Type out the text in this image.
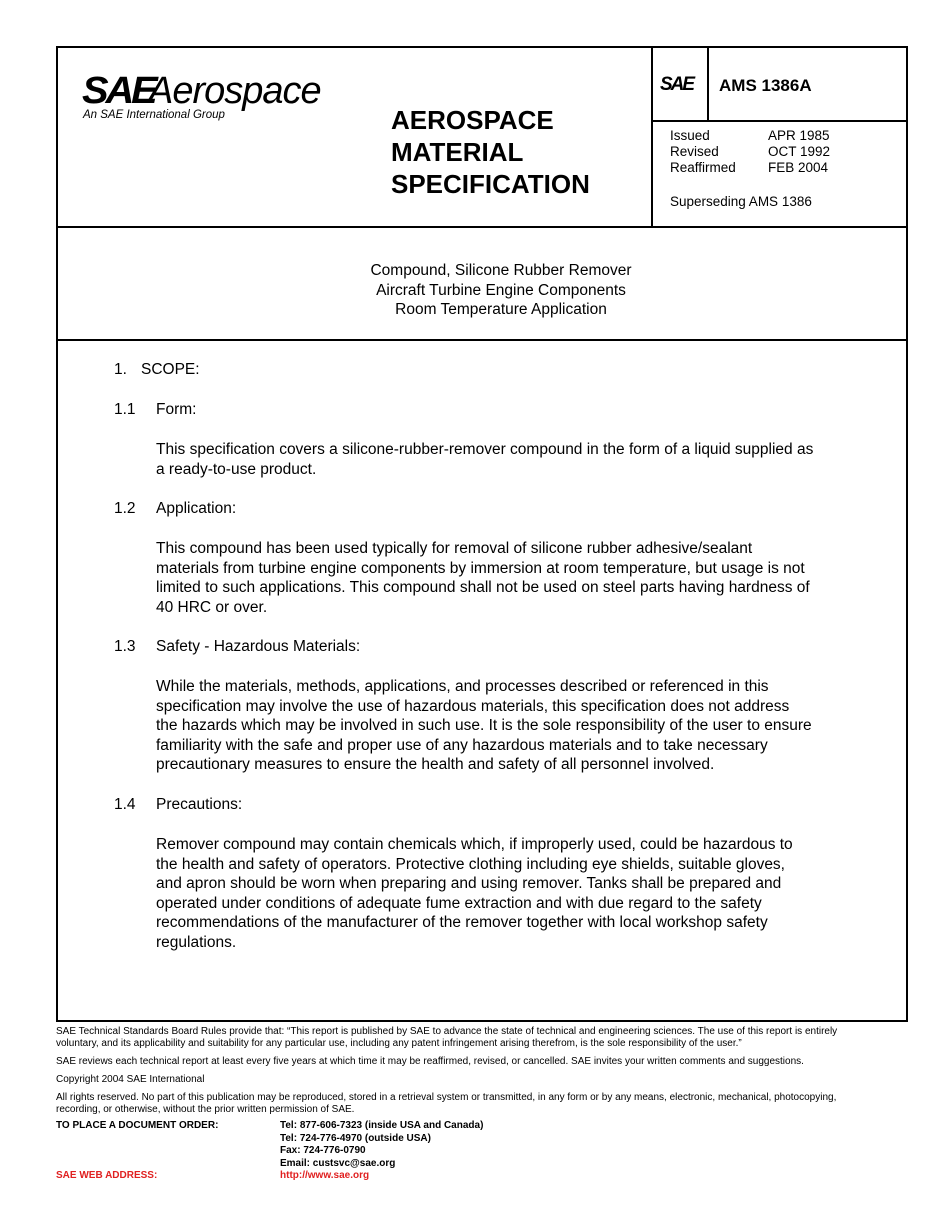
SAE
Aerospace
An SAE International Group	AEROSPACE
MATERIAL
SPECIFICATION
SAE AMS 1386A
Issued	APR 1985
Revised	OCT 1992
Reaffirmed FEB 2004
Superseding AMS 1386
Compound, Silicone Rubber Remover
Aircraft Turbine Engine Components
Room Temperature Application
1. SCOPE:
1.1 Form:
This specification covers a silicone-rubber-remover compound in the form of a liquid supplied as
a ready-to-use product.
1.2 Application:
This compound has been used typically for removal of silicone rubber adhesive/sealant
materials from turbine engine components by immersion at room temperature, but usage is not
limited to such applications. This compound shall not be used on steel parts having hardness of
40 HRC or over.
1.3 Safety - Hazardous Materials:
While the materials, methods, applications, and processes described or referenced in this
specification may involve the use of hazardous materials, this specification does not address
the hazards which may be involved in such use. It is the sole responsibility of the user to ensure
familiarity with the safe and proper use of any hazardous materials and to take necessary
precautionary measures to ensure the health and safety of all personnel involved.
1.4 Precautions:
Remover compound may contain chemicals which, if improperly used, could be hazardous to
the health and safety of operators. Protective clothing including eye shields, suitable gloves,
and apron should be worn when preparing and using remover. Tanks shall be prepared and
operated under conditions of adequate fume extraction and with due regard to the safety
recommendations of the manufacturer of the remover together with local workshop safety
regulations.

SAE Technical Standards Board Rules provide that: “This report is published by SAE to advance the state of technical and engineering sciences. The use of this report is entirely
voluntary, and its applicability and suitability for any particular use, including any patent infringement arising therefrom, is the sole responsibility of the user.”

SAE reviews each technical report at least every five years at which time it may be reaffirmed, revised, or cancelled. SAE invites your written comments and suggestions.

Copyright 2004 SAE International

All rights reserved. No part of this publication may be reproduced, stored in a retrieval system or transmitted, in any form or by any means, electronic, mechanical, photocopying,
recording, or otherwise, without the prior written permission of SAE.

TO PLACE A DOCUMENT ORDER:	Tel: 877-606-7323 (inside USA and Canada)
Tel: 724-776-4970 (outside USA)
Fax: 724-776-0790
Email: custsvc@sae.org
SAE WEB ADDRESS:	http://www.sae.org
